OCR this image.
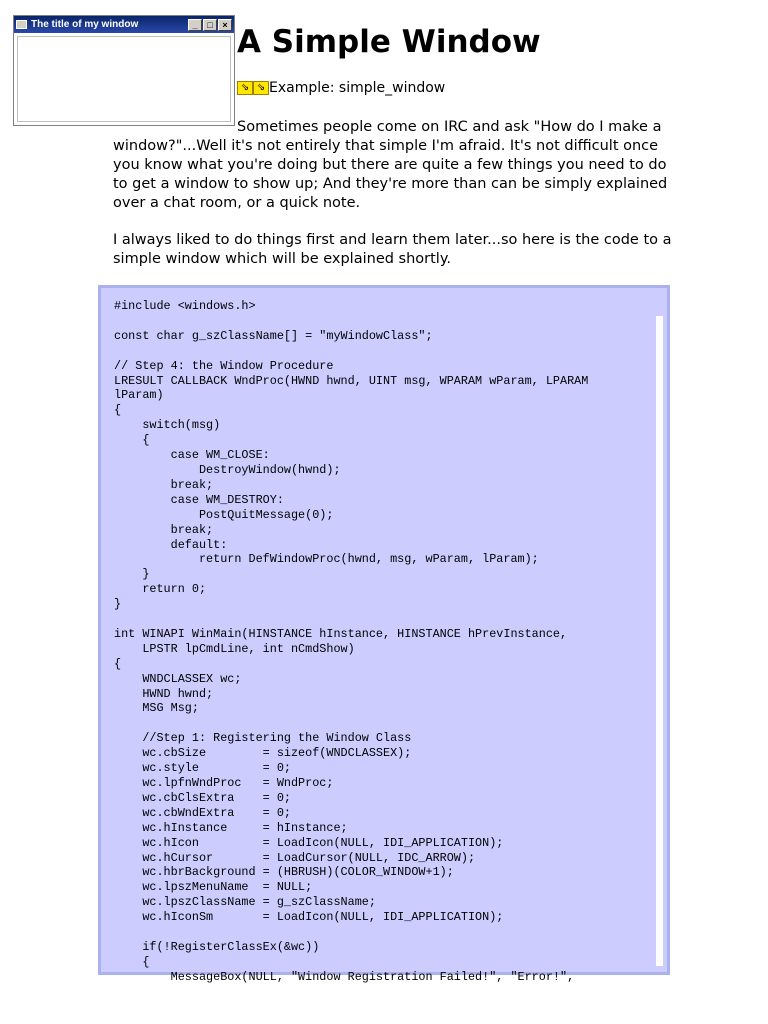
The title of my window	_	□	× A Simple Window
⇘ ⇘ Example: simple_window

Sometimes people come on IRC and ask "How do I make a window?"...Well it's not entirely that simple I'm afraid. It's not difficult once you know what you're doing but there are quite a few things you need to do to get a window to show up; And they're more than can be simply explained over a chat room, or a quick note.

I always liked to do things first and learn them later...so here is the code to a simple window which will be explained shortly.

#include <windows.h>

const char g_szClassName[] = "myWindowClass";

// Step 4: the Window Procedure
LRESULT CALLBACK WndProc(HWND hwnd, UINT msg, WPARAM wParam, LPARAM
lParam)
{
switch(msg)
{
case WM_CLOSE:
DestroyWindow(hwnd);
break;
case WM_DESTROY:
PostQuitMessage(0);
break;
default:
return DefWindowProc(hwnd, msg, wParam, lParam);
}
return 0;
}

int WINAPI WinMain(HINSTANCE hInstance, HINSTANCE hPrevInstance,
LPSTR lpCmdLine, int nCmdShow)
{
WNDCLASSEX wc;
HWND hwnd;
MSG Msg;

//Step 1: Registering the Window Class
wc.cbSize        = sizeof(WNDCLASSEX);
wc.style         = 0;
wc.lpfnWndProc   = WndProc;
wc.cbClsExtra    = 0;
wc.cbWndExtra    = 0;
wc.hInstance     = hInstance;
wc.hIcon         = LoadIcon(NULL, IDI_APPLICATION);
wc.hCursor       = LoadCursor(NULL, IDC_ARROW);
wc.hbrBackground = (HBRUSH)(COLOR_WINDOW+1);
wc.lpszMenuName  = NULL;
wc.lpszClassName = g_szClassName;
wc.hIconSm       = LoadIcon(NULL, IDI_APPLICATION);

if(!RegisterClassEx(&wc))
{
MessageBox(NULL, "Window Registration Failed!", "Error!",
